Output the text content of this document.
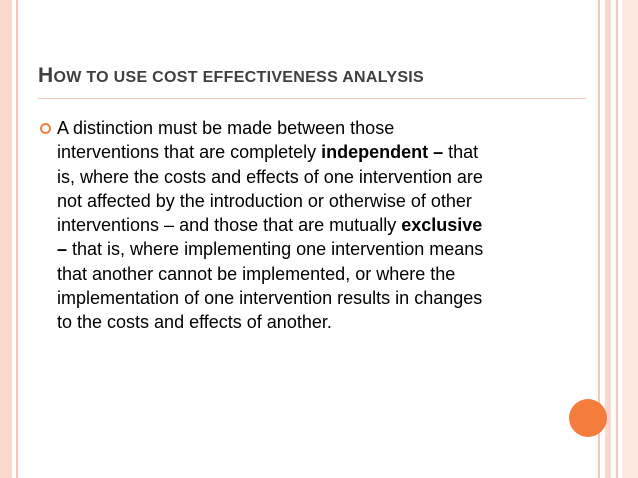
HOW TO USE COST EFFECTIVENESS ANALYSIS
A distinction must be made between those interventions that are completely independent – that is, where the costs and effects of one intervention are not affected by the introduction or otherwise of other interventions – and those that are mutually exclusive – that is, where implementing one intervention means that another cannot be implemented, or where the implementation of one intervention results in changes to the costs and effects of another.
